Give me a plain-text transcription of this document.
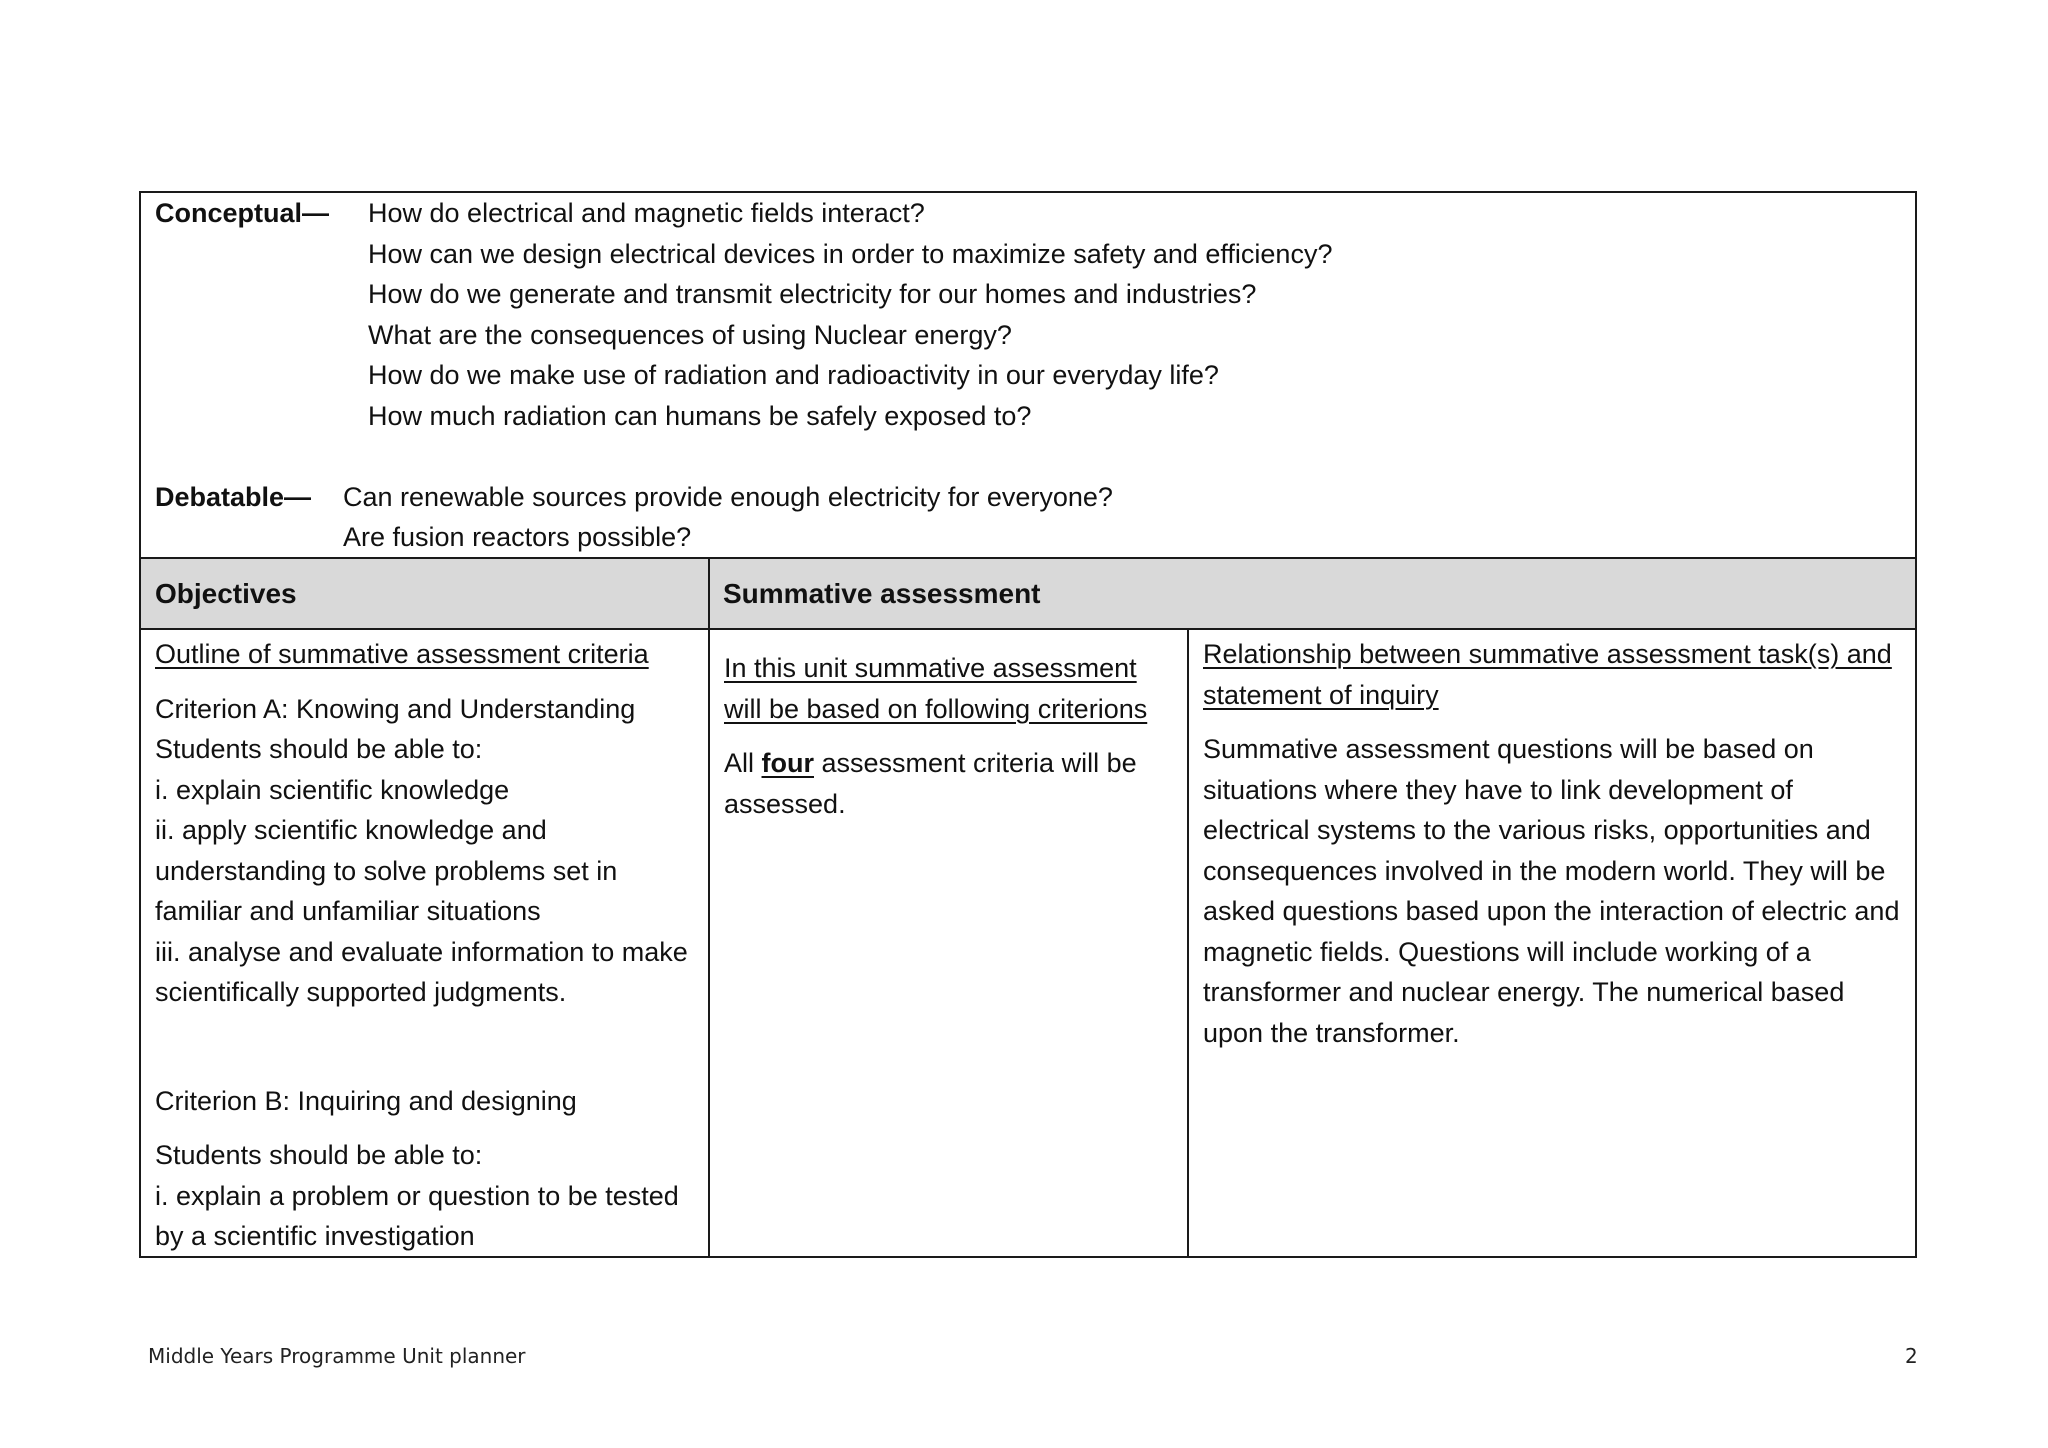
Conceptual— How do electrical and magnetic fields interact?
How can we design electrical devices in order to maximize safety and efficiency?
How do we generate and transmit electricity for our homes and industries?
What are the consequences of using Nuclear energy?
How do we make use of radiation and radioactivity in our everyday life?
How much radiation can humans be safely exposed to?
Debatable— Can renewable sources provide enough electricity for everyone?
Are fusion reactors possible?
Objectives	Summative assessment

Outline of summative assessment criteria

Criterion A: Knowing and Understanding

Students should be able to:
i. explain scientific knowledge
ii. apply scientific knowledge and
understanding to solve problems set in
familiar and unfamiliar situations
iii. analyse and evaluate information to make
scientifically supported judgments.

Criterion B: Inquiring and designing

Students should be able to:

i. explain a problem or question to be tested
by a scientific investigation
In this unit summative assessment
will be based on following criterions

All four assessment criteria will be

assessed.
Relationship between summative assessment task(s) and
statement of inquiry

Summative assessment questions will be based on

situations where they have to link development of
electrical systems to the various risks, opportunities and
consequences involved in the modern world. They will be
asked questions based upon the interaction of electric and
magnetic fields. Questions will include working of a
transformer and nuclear energy. The numerical based
upon the transformer.
Middle Years Programme Unit planner	2
